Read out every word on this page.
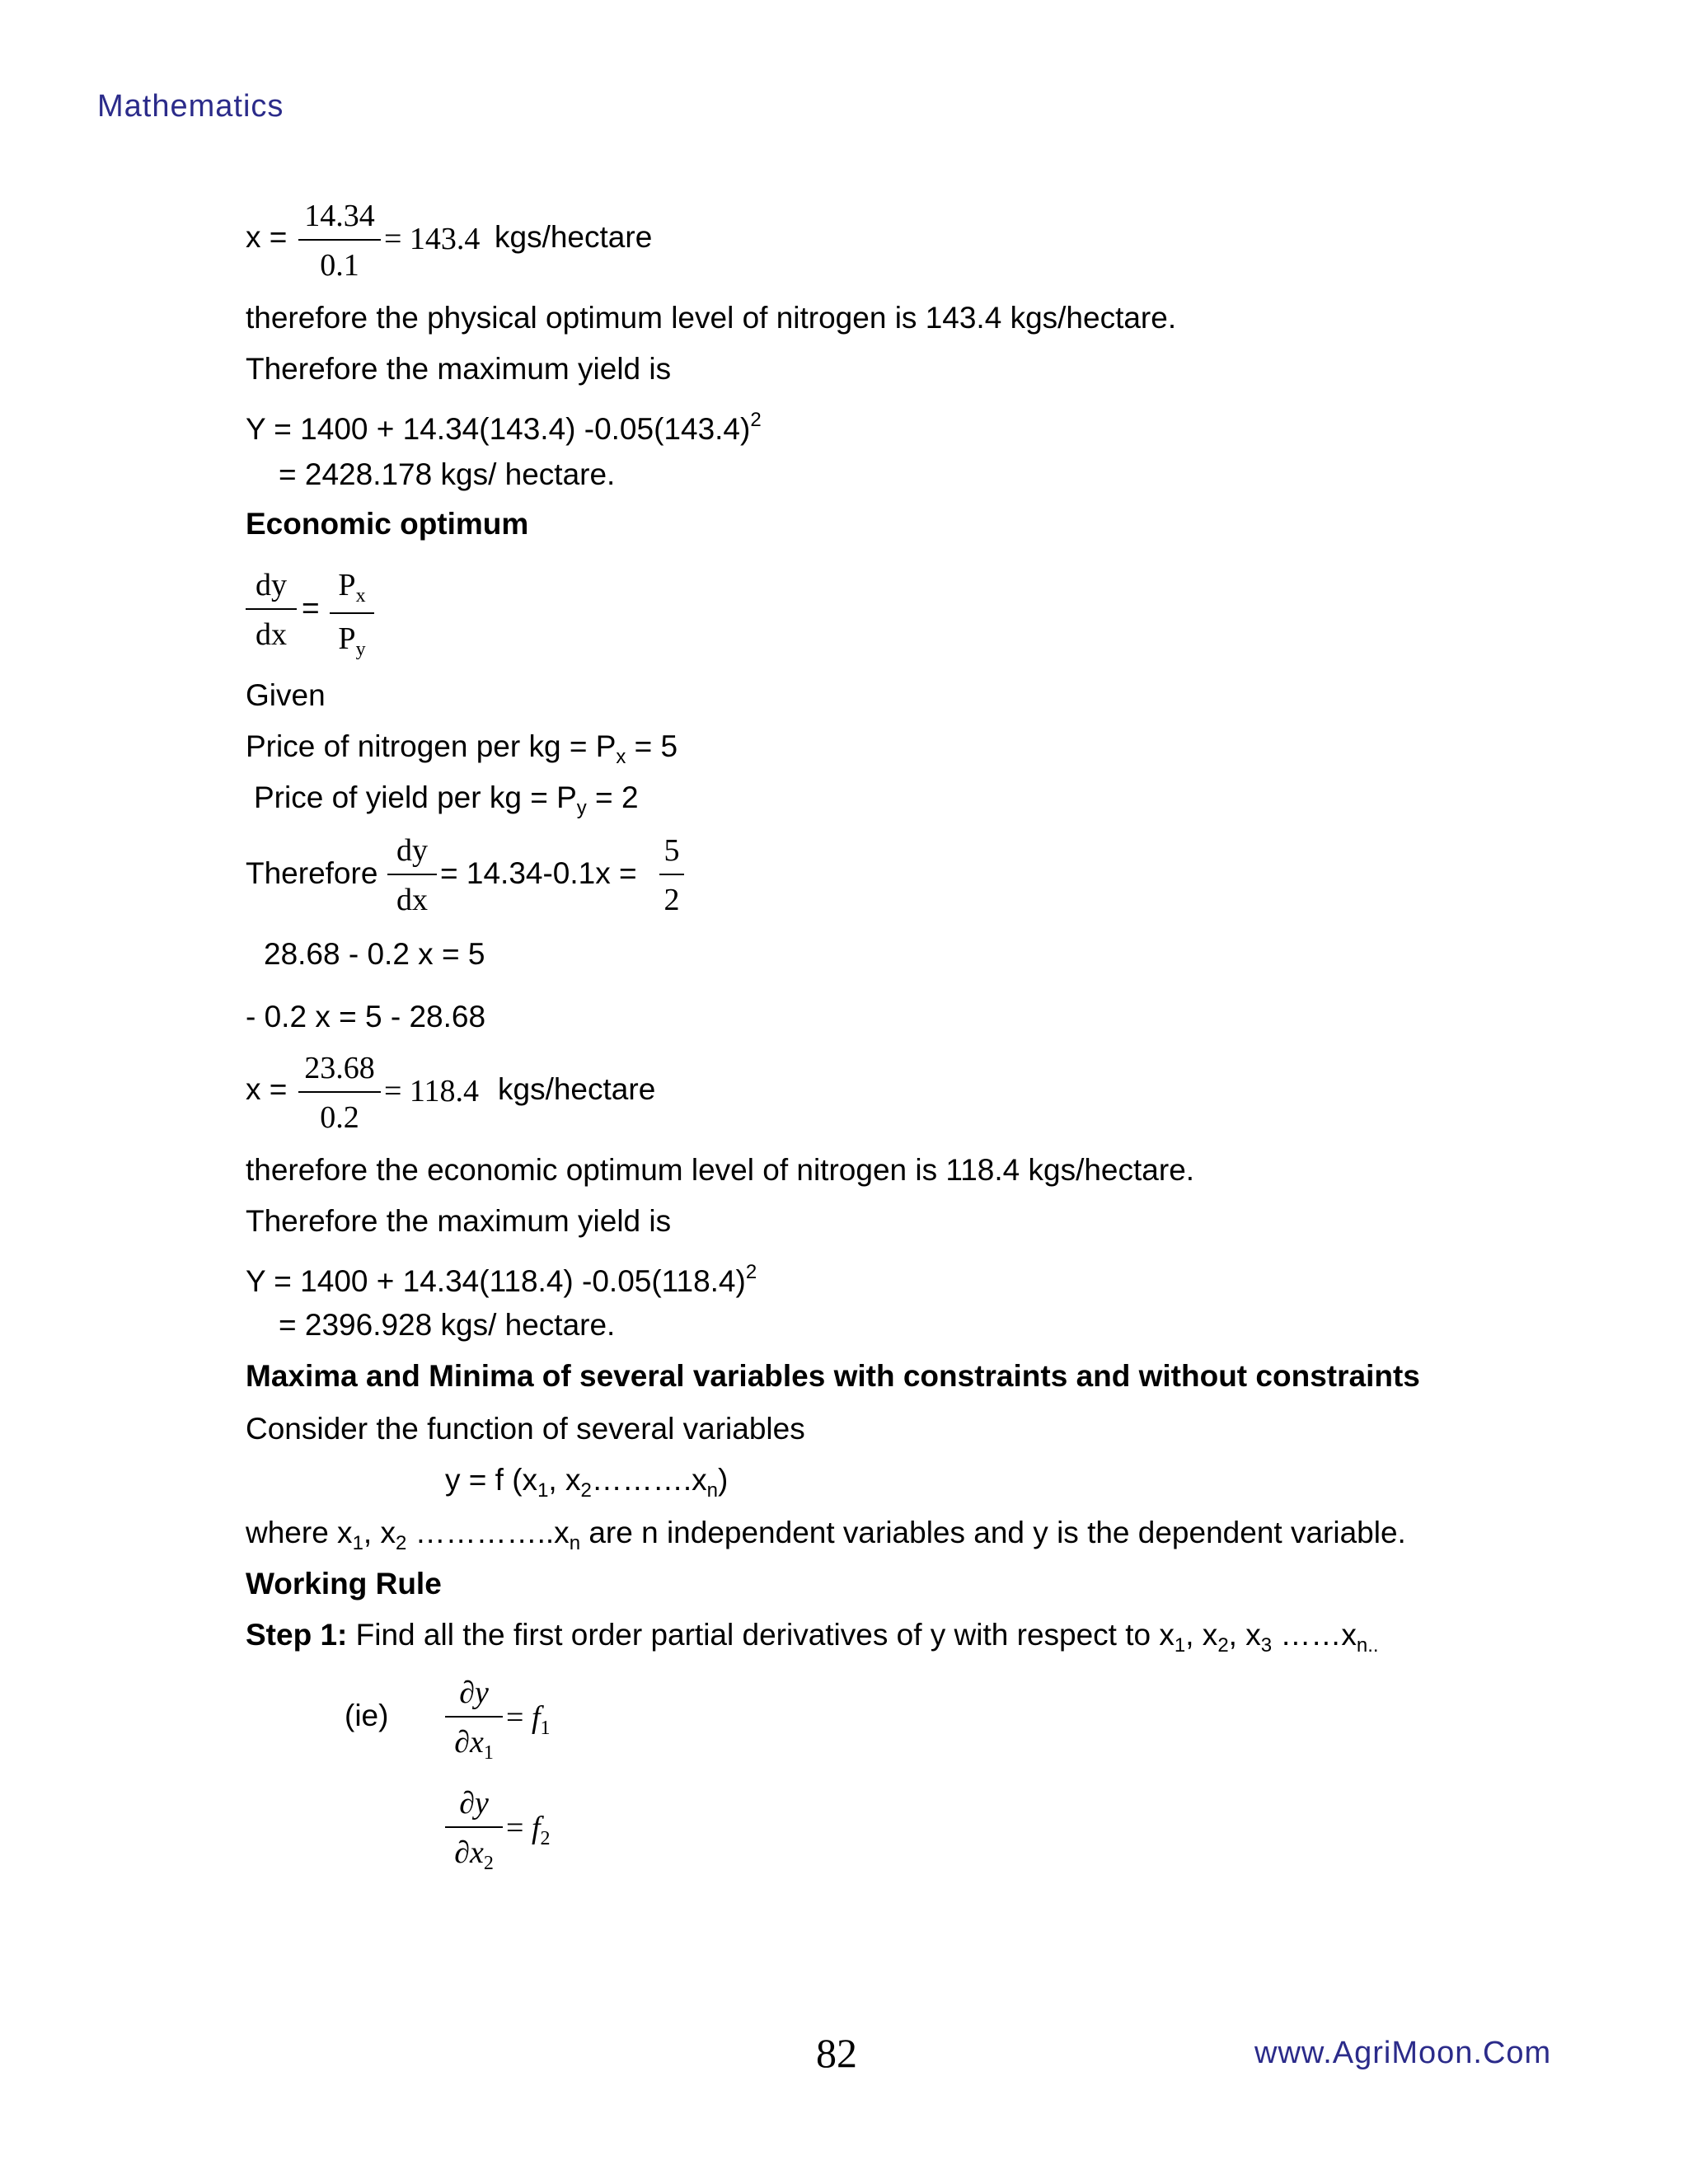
Mathematics
$x = \frac{14.34}{0.1} = 143.4$ kgs/hectare
therefore the physical optimum level of nitrogen is 143.4 kgs/hectare.
Therefore the maximum yield is
Y = 1400 + 14.34(143.4) $-0.05(143.4)^2$
= 2428.178 kgs/ hectare.
Economic optimum
$\frac{dy}{dx} = \frac{P_x}{P_y}$
Given
Price of nitrogen per kg = $P_x = 5$
Price of yield per kg = $P_y = 2$
Therefore $\frac{dy}{dx} = 14.34-0.1x = \frac{5}{2}$
28.68 - 0.2 x = 5
- 0.2 x = 5 - 28.68
$x = \frac{23.68}{0.2} = 118.4$ kgs/hectare
therefore the economic optimum level of nitrogen is 118.4 kgs/hectare.
Therefore the maximum yield is
Y = 1400 + 14.34(118.4) $-0.05(118.4)^2$
= 2396.928 kgs/ hectare.
Maxima and Minima of several variables with constraints and without constraints
Consider the function of several variables
y = f ($x_1$, $x_2\dots\dots\dots.x_n$)
where $x_1$, $x_2$ $\dots\dots\dots\dots..x_n$ are n independent variables and y is the dependent variable.
Working Rule
Step 1: Find all the first order partial derivatives of y with respect to $x_1$, $x_2$, $x_3$ $\dots\dots x_{n..}$
$(ie) \frac{\partial y}{\partial x_1} = f_1$
$\frac{\partial y}{\partial x_2} = f_2$
82	www.AgriMoon.Com
